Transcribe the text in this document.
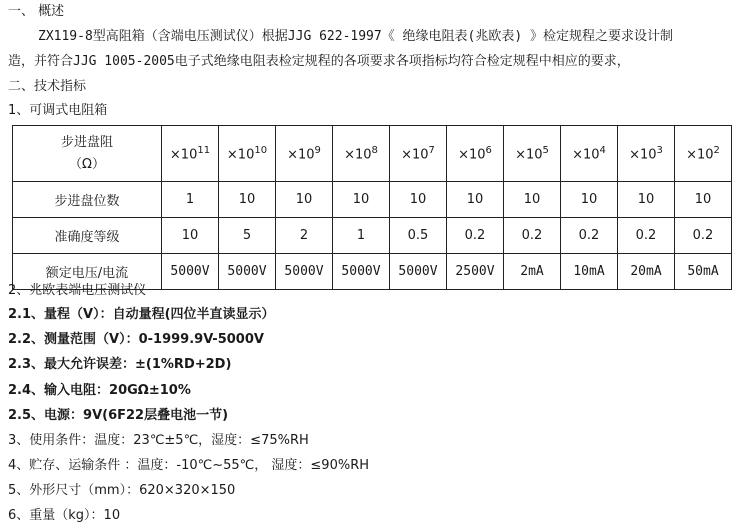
一、 概述
ZX119-8型高阻箱（含端电压测试仪）根据JJG 622-1997《 绝缘电阻表(兆欧表) 》检定规程之要求设计制
造，并符合JJG 1005-2005电子式绝缘电阻表检定规程的各项要求各项指标均符合检定规程中相应的要求，
二、技术指标
1、可调式电阻箱
步进盘阻
（Ω）	$\times 10^{11}$	$\times 10^{10}$	$\times 10^9$	$\times 10^8$	$\times 10^7$	$\times 10^6$	$\times 10^5$	$\times 10^4$	$\times 10^3$	$\times 10^2$
步进盘位数	1	10	10	10	10	10	10	10	10	10
准确度等级	10	5	2	1	0.5	0.2	0.2	0.2	0.2	0.2
额定电压/电流	5000V	5000V	5000V	5000V	5000V	2500V	2mA	10mA	20mA	50mA
2、兆欧表端电压测试仪
2.1、量程（V）：自动量程(四位半直读显示）
2.2、测量范围（V）：0-1999.9V-5000V
2.3、最大允许误差：±(1%RD+2D)
2.4、输入电阻：20GΩ±10%
2.5、电源：9V(6F22层叠电池一节)
3、使用条件：温度：23℃±5℃，湿度：≤75%RH
4、贮存、运输条件 ：温度：-10℃~55℃， 湿度：≤90%RH
5、外形尺寸（mm）：620×320×150
6、重量（kg）：10
